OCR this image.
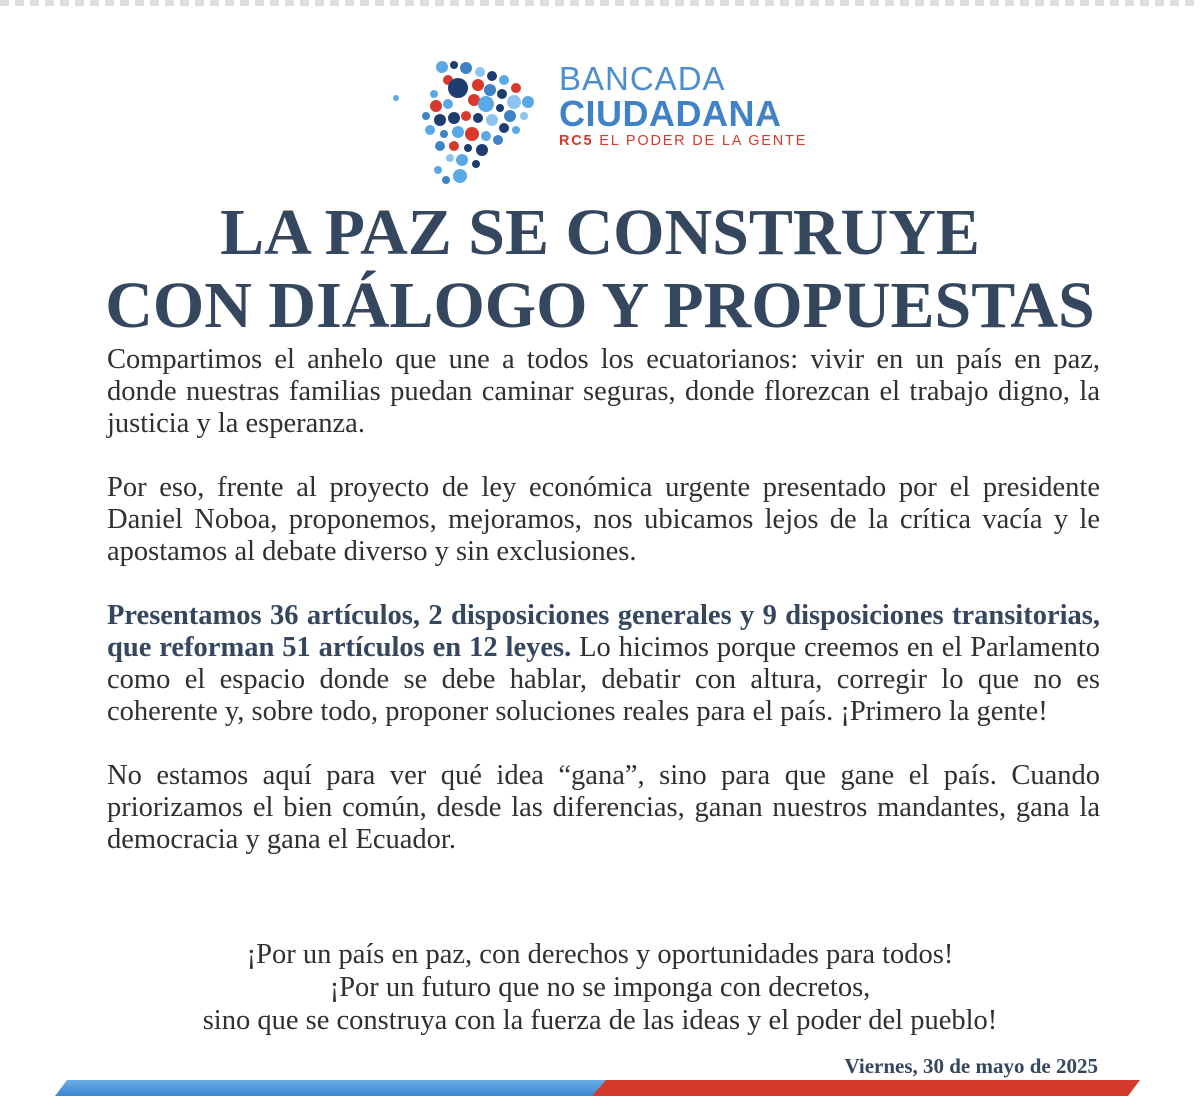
BANCADA
CIUDADANA
RC5 EL PODER DE LA GENTE
LA PAZ SE CONSTRUYE
CON DIÁLOGO Y PROPUESTAS

Compartimos el anhelo que une a todos los ecuatorianos: vivir en un país en paz, donde nuestras familias puedan caminar seguras, donde florezcan el trabajo digno, la justicia y la esperanza.

Por eso, frente al proyecto de ley económica urgente presentado por el presidente Daniel Noboa, proponemos, mejoramos, nos ubicamos lejos de la crítica vacía y le apostamos al debate diverso y sin exclusiones.

Presentamos 36 artículos, 2 disposiciones generales y 9 disposiciones transitorias, que reforman 51 artículos en 12 leyes. Lo hicimos porque creemos en el Parlamento como el espacio donde se debe hablar, debatir con altura, corregir lo que no es coherente y, sobre todo, proponer soluciones reales para el país. ¡Primero la gente!

No estamos aquí para ver qué idea “gana”, sino para que gane el país. Cuando priorizamos el bien común, desde las diferencias, ganan nuestros mandantes, gana la democracia y gana el Ecuador.

¡Por un país en paz, con derechos y oportunidades para todos!
¡Por un futuro que no se imponga con decretos,
sino que se construya con la fuerza de las ideas y el poder del pueblo!
Viernes, 30 de mayo de 2025
